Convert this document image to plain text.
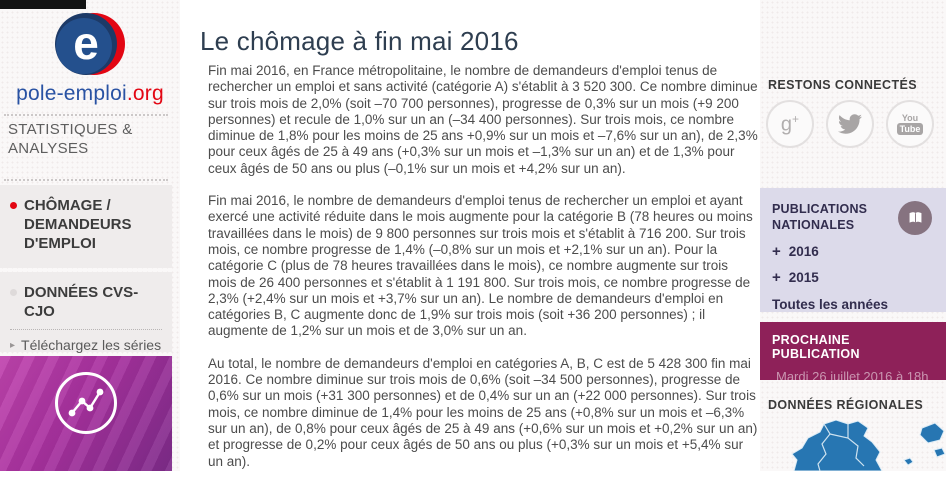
e
pole-emploi.org
STATISTIQUES & ANALYSES
CHÔMAGE / DEMANDEURS D'EMPLOI
DONNÉES CVS-CJO
▸ Téléchargez les séries
Le chômage à fin mai 2016

Fin mai 2016, en France métropolitaine, le nombre de demandeurs d'emploi tenus de rechercher un emploi et sans activité (catégorie A) s'établit à 3 520 300. Ce nombre diminue sur trois mois de 2,0% (soit –70 700 personnes), progresse de 0,3% sur un mois (+9 200 personnes) et recule de 1,0% sur un an (–34 400 personnes). Sur trois mois, ce nombre diminue de 1,8% pour les moins de 25 ans +0,9% sur un mois et –7,6% sur un an), de 2,3% pour ceux âgés de 25 à 49 ans (+0,3% sur un mois et –1,3% sur un an) et de 1,3% pour ceux âgés de 50 ans ou plus (–0,1% sur un mois et +4,2% sur un an).

Fin mai 2016, le nombre de demandeurs d'emploi tenus de rechercher un emploi et ayant exercé une activité réduite dans le mois augmente pour la catégorie B (78 heures ou moins travaillées dans le mois) de 9 800 personnes sur trois mois et s'établit à 716 200. Sur trois mois, ce nombre progresse de 1,4% (–0,8% sur un mois et +2,1% sur un an). Pour la catégorie C (plus de 78 heures travaillées dans le mois), ce nombre augmente sur trois mois de 26 400 personnes et s'établit à 1 191 800. Sur trois mois, ce nombre progresse de 2,3% (+2,4% sur un mois et +3,7% sur un an). Le nombre de demandeurs d'emploi en catégories B, C augmente donc de 1,9% sur trois mois (soit +36 200 personnes) ; il augmente de 1,2% sur un mois et de 3,0% sur un an.

Au total, le nombre de demandeurs d'emploi en catégories A, B, C est de 5 428 300 fin mai 2016. Ce nombre diminue sur trois mois de 0,6% (soit –34 500 personnes), progresse de 0,6% sur un mois (+31 300 personnes) et de 0,4% sur un an (+22 000 personnes). Sur trois mois, ce nombre diminue de 1,4% pour les moins de 25 ans (+0,8% sur un mois et –6,3% sur un an), de 0,8% pour ceux âgés de 25 à 49 ans (+0,6% sur un mois et +0,2% sur un an) et progresse de 0,2% pour ceux âgés de 50 ans ou plus (+0,3% sur un mois et +5,4% sur un an).

RESTONS CONNECTÉS
g+	You
Tube
PUBLICATIONS NATIONALES
+ 2016
+ 2015
Toutes les années
PROCHAINE PUBLICATION
Mardi 26 juillet 2016 à 18h
DONNÉES RÉGIONALES
